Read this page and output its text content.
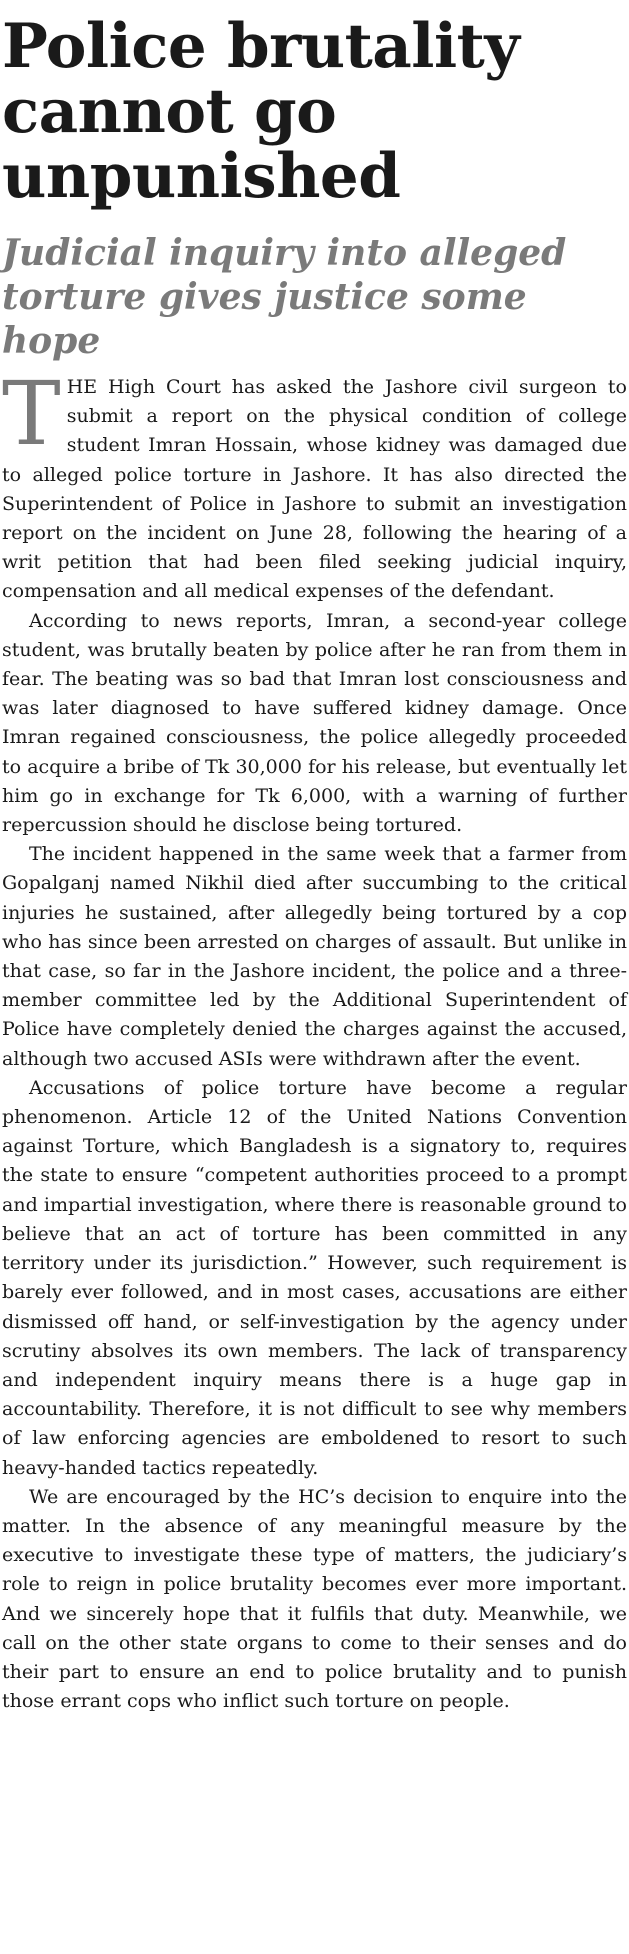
Police brutality cannot go unpunished
Judicial inquiry into alleged torture gives justice some hope

THE High Court has asked the Jashore civil surgeon to submit a report on the physical condition of college student Imran Hossain, whose kidney was damaged due to alleged police torture in Jashore. It has also directed the Superintendent of Police in Jashore to submit an investigation report on the incident on June 28, following the hearing of a writ petition that had been filed seeking judicial inquiry, compensation and all medical expenses of the defendant.

According to news reports, Imran, a second-year college student, was brutally beaten by police after he ran from them in fear. The beating was so bad that Imran lost consciousness and was later diagnosed to have suffered kidney damage. Once Imran regained consciousness, the police allegedly proceeded to acquire a bribe of Tk 30,000 for his release, but eventually let him go in exchange for Tk 6,000, with a warning of further repercussion should he disclose being tortured.

The incident happened in the same week that a farmer from Gopalganj named Nikhil died after succumbing to the critical injuries he sustained, after allegedly being tortured by a cop who has since been arrested on charges of assault. But unlike in that case, so far in the Jashore incident, the police and a three-member committee led by the Additional Superintendent of Police have completely denied the charges against the accused, although two accused ASIs were withdrawn after the event.

Accusations of police torture have become a regular phenomenon. Article 12 of the United Nations Convention against Torture, which Bangladesh is a signatory to, requires the state to ensure “competent authorities proceed to a prompt and impartial investigation, where there is reasonable ground to believe that an act of torture has been committed in any territory under its jurisdiction.” However, such requirement is barely ever followed, and in most cases, accusations are either dismissed off hand, or self-investigation by the agency under scrutiny absolves its own members. The lack of transparency and independent inquiry means there is a huge gap in accountability. Therefore, it is not difficult to see why members of law enforcing agencies are emboldened to resort to such heavy-handed tactics repeatedly.

We are encouraged by the HC’s decision to enquire into the matter. In the absence of any meaningful measure by the executive to investigate these type of matters, the judiciary’s role to reign in police brutality becomes ever more important. And we sincerely hope that it fulfils that duty. Meanwhile, we call on the other state organs to come to their senses and do their part to ensure an end to police brutality and to punish those errant cops who inflict such torture on people.
